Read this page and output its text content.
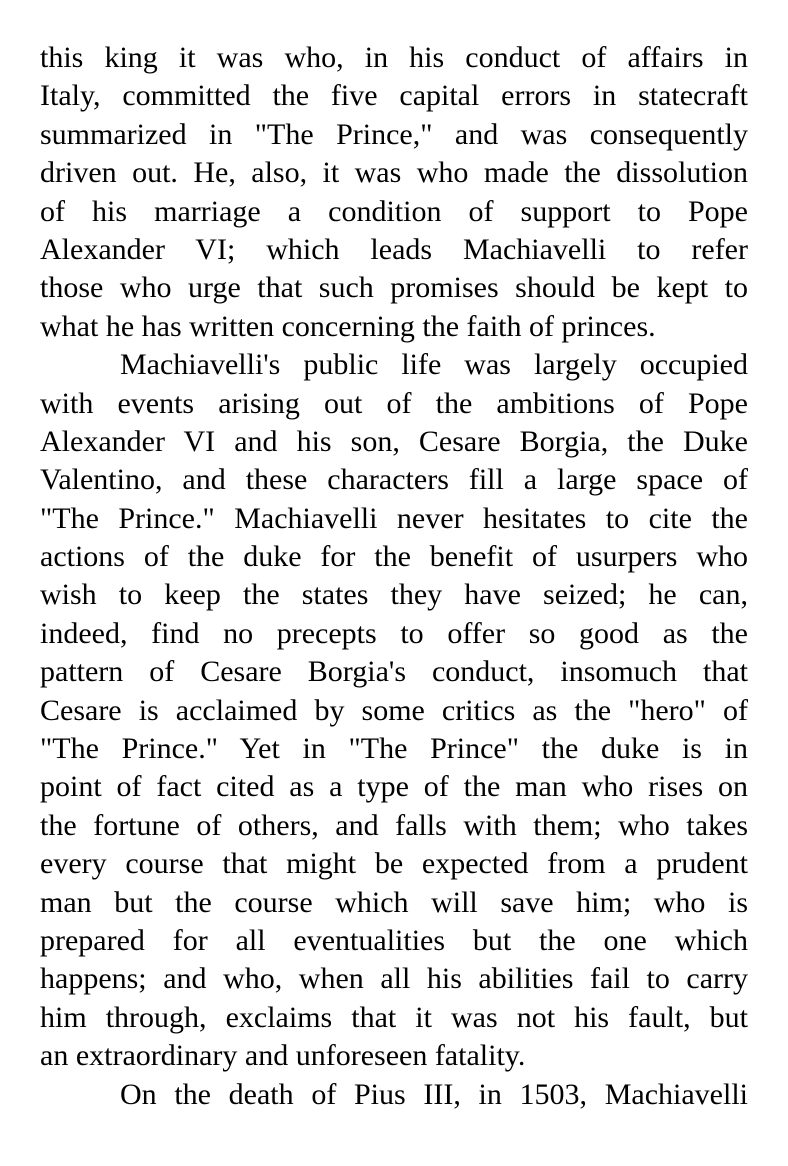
this king it was who, in his conduct of affairs in
Italy, committed the five capital errors in statecraft
summarized in "The Prince," and was consequently
driven out. He, also, it was who made the dissolution
of his marriage a condition of support to Pope
Alexander VI; which leads Machiavelli to refer
those who urge that such promises should be kept to
what he has written concerning the faith of princes.
Machiavelli's public life was largely occupied
with events arising out of the ambitions of Pope
Alexander VI and his son, Cesare Borgia, the Duke
Valentino, and these characters fill a large space of
"The Prince." Machiavelli never hesitates to cite the
actions of the duke for the benefit of usurpers who
wish to keep the states they have seized; he can,
indeed, find no precepts to offer so good as the
pattern of Cesare Borgia's conduct, insomuch that
Cesare is acclaimed by some critics as the "hero" of
"The Prince." Yet in "The Prince" the duke is in
point of fact cited as a type of the man who rises on
the fortune of others, and falls with them; who takes
every course that might be expected from a prudent
man but the course which will save him; who is
prepared for all eventualities but the one which
happens; and who, when all his abilities fail to carry
him through, exclaims that it was not his fault, but
an extraordinary and unforeseen fatality.
On the death of Pius III, in 1503, Machiavelli
